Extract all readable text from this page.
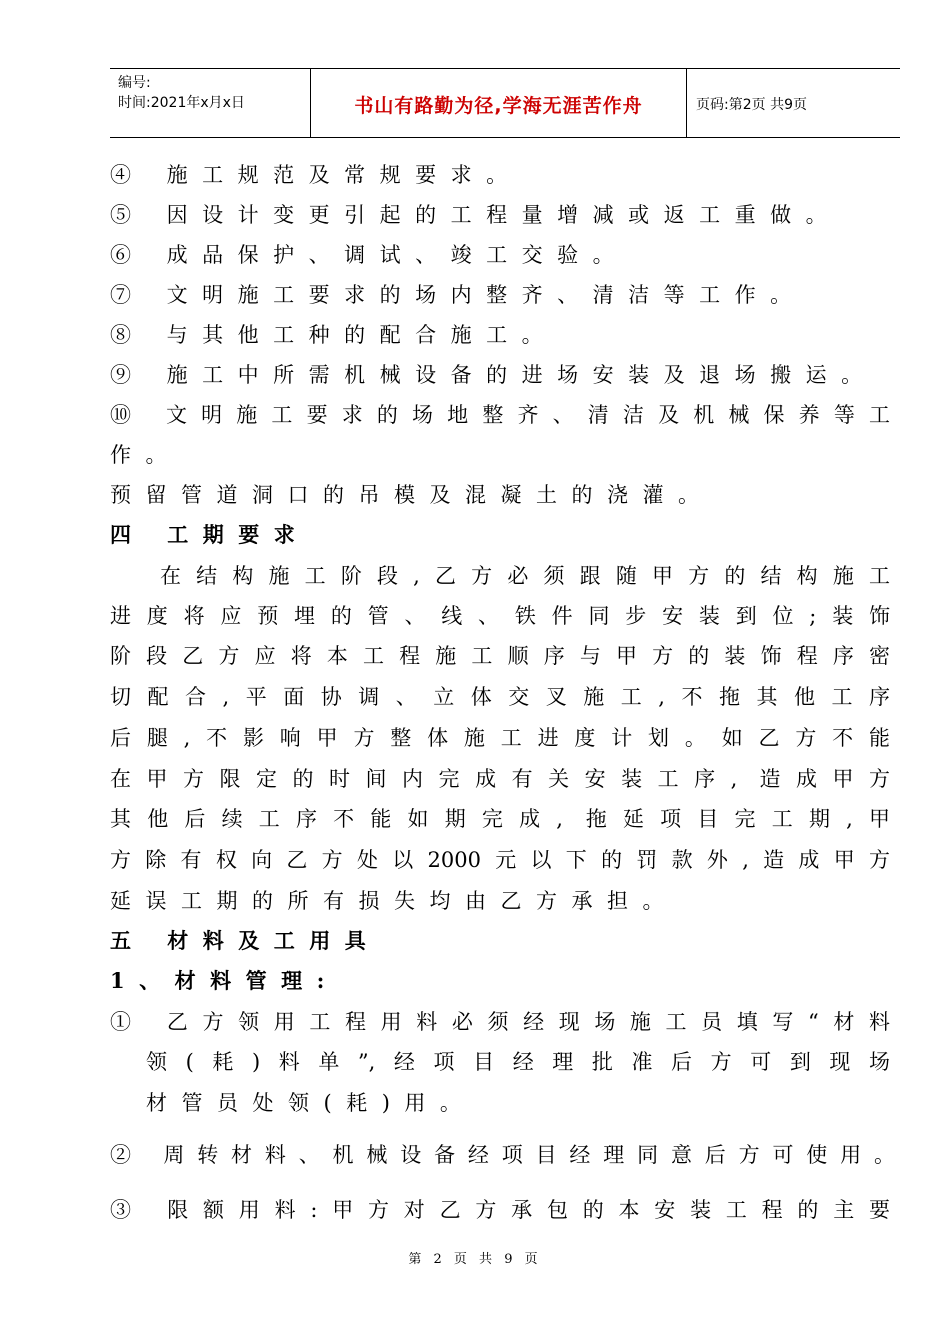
编号:
时间:2021年x月x日	书山有路勤为径,学海无涯苦作舟	页码:第2页 共9页
④ 施工规范及常规要求。
⑤ 因设计变更引起的工程量增减或返工重做。
⑥ 成品保护、调试、竣工交验。
⑦ 文明施工要求的场内整齐、清洁等工作。
⑧ 与其他工种的配合施工。
⑨ 施工中所需机械设备的进场安装及退场搬运。
⑩ 文明施工要求的场地整齐、清洁及机械保养等工
作。
预留管道洞口的吊模及混凝土的浇灌。
四 工期要求
在结构施工阶段,乙方必须跟随甲方的结构施工
进度将应预埋的管、线、铁件同步安装到位;装饰
阶段乙方应将本工程施工顺序与甲方的装饰程序密
切配合,平面协调、立体交叉施工,不拖其他工序
后腿,不影响甲方整体施工进度计划。如乙方不能
在甲方限定的时间内完成有关安装工序, 造成甲方
其他后续工序不能如期完成, 拖延项目完工期,甲
方除有权向乙方处以2000元以下的罚款外,造成甲方
延误工期的所有损失均由乙方承担。
五 材料及工用具
1、材料管理:
① 乙方领用工程用料必须经现场施工员填写“材料
领(耗)料单”,经项目经理批准后方可到现场
材管员处领(耗)用。
② 周转材料、机械设备经项目经理同意后方可使用。
③ 限额用料:甲方对乙方承包的本安装工程的主要
第 2 页 共 9 页
